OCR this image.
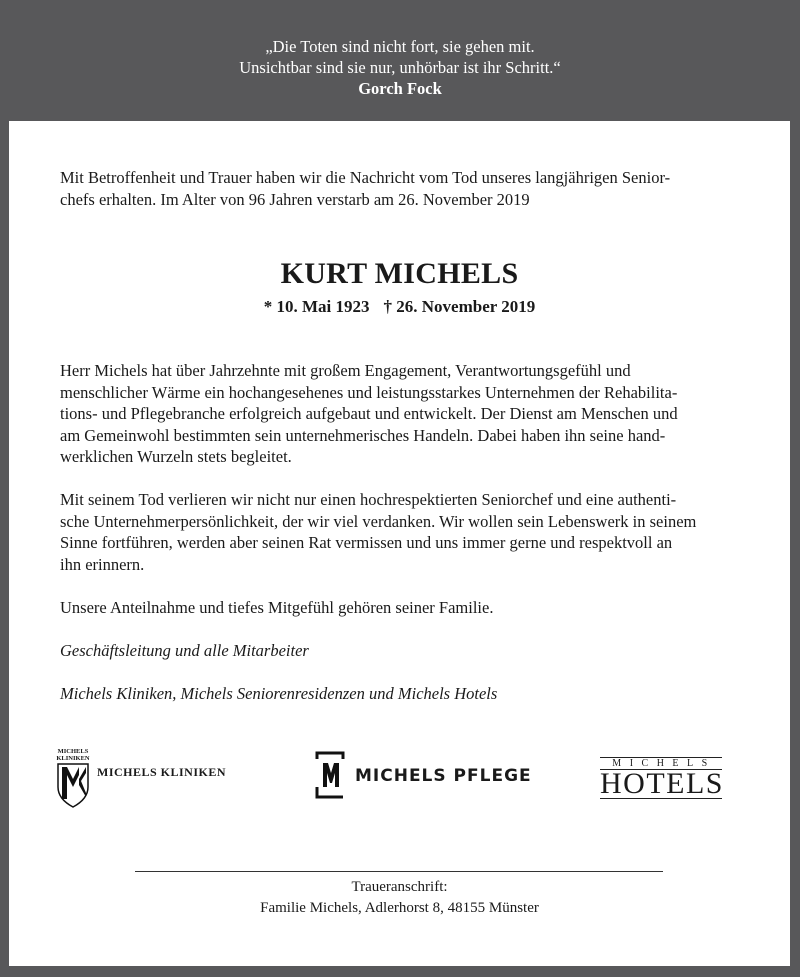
„Die Toten sind nicht fort, sie gehen mit.
Unsichtbar sind sie nur, unhörbar ist ihr Schritt.“
Gorch Fock
Mit Betroffenheit und Trauer haben wir die Nachricht vom Tod unseres langjährigen Senior-
chefs erhalten. Im Alter von 96 Jahren verstarb am 26. November 2019
KURT MICHELS
* 10. Mai 1923 † 26. November 2019

Herr Michels hat über Jahrzehnte mit großem Engagement, Verantwortungsgefühl und
menschlicher Wärme ein hochangesehenes und leistungsstarkes Unternehmen der Rehabilita-
tions- und Pflegebranche erfolgreich aufgebaut und entwickelt. Der Dienst am Menschen und
am Gemeinwohl bestimmten sein unternehmerisches Handeln. Dabei haben ihn seine hand-
werklichen Wurzeln stets begleitet.

Mit seinem Tod verlieren wir nicht nur einen hochrespektierten Seniorchef und eine authenti-
sche Unternehmerpersönlichkeit, der wir viel verdanken. Wir wollen sein Lebenswerk in seinem
Sinne fortführen, werden aber seinen Rat vermissen und uns immer gerne und respektvoll an
ihn erinnern.

Unsere Anteilnahme und tiefes Mitgefühl gehören seiner Familie.

Geschäftsleitung und alle Mitarbeiter

Michels Kliniken, Michels Seniorenresidenzen und Michels Hotels

MICHELS
KLINIKEN
MICHELS KLINIKEN	MICHELS PFLEGE
MICHELS
HOTELS
Traueranschrift:
Familie Michels, Adlerhorst 8, 48155 Münster
